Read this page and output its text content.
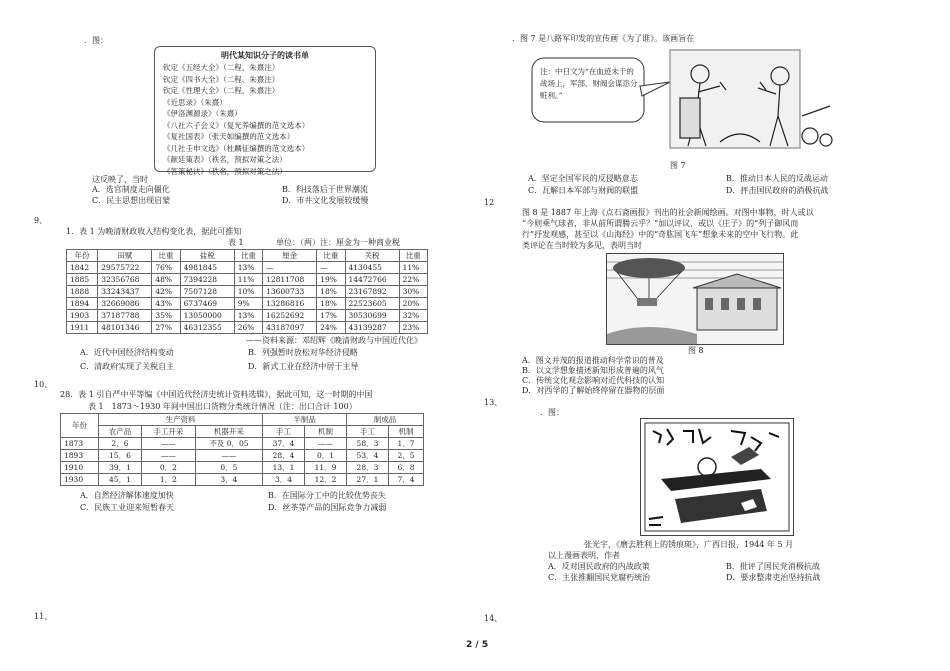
．图：
明代某知识分子的读书单
钦定《五经大全》（二程、朱熹注）
钦定《四书大全》（二程、朱熹注）
钦定《性理大全》（二程、朱熹注）
《近思录》（朱熹）
《伊洛渊源录》（朱熹）
《八社六子会义》（复光养编撰的范文选本）
《复社国表》（张天如编撰的范文选本）
《几社壬申文选》（杜麟征编撰的范文选本）
《献廷策表》（秩名，预拟对策之法）
《答策秘诀》（秩名，预拟对策之法）
这反映了，当时
A．选官制度走向僵化	B．科技落后于世界潮流
C．民主思想出现启蒙	D．市井文化发展较缓慢
9、
1．表 1 为晚清财政收入结构变化表，据此可推知
表 1	单位：（两）注：厘金为一种商业税
年份	田赋	比重	盐税	比重	厘金	比重	关税	比重
1842	29575722	76%	4981845	13%	—	—	4130455	11%
1885	32356768	48%	7394228	11%	12811708	19%	14472766	22%
1888	33243437	42%	7507128	10%	13600733	18%	23167892	30%
1894	32669086	43%	6737469	9%	13286816	18%	22523605	20%
1903	37187788	35%	13050000	13%	16252692	17%	30530699	32%
1911	48101346	27%	46312355	26%	43187097	24%	43139287	23%
——资料来源：邓绍辉《晚清财政与中国近代化》
A．近代中国经济结构变动	B．列强暂时放松对华经济侵略
C．清政府实现了关税自主	D．新式工业在经济中居于主导
10、
28．表 1 引自严中平等编《中国近代经济史统计资料选辑》，据此可知，这一时期的中国
表 1　1873～1930 年间中国出口货物分类统计情况（注：出口合计 100）
年份	生产资料			半制品		制成品	
	农产品	手工开采	机器开采	手工	机制	手工	机制
1873	2．6	——	不及 0．05	37．4	——	58．3	1．7
1893	15．6	——	——	28．4	0．1	53．4	2．5
1910	39．1	0．2	0．5	13．1	11．9	28．3	6．8
1930	45．1	1．2	3．4	3．4	12．2	27．1	7．4
A．自然经济解体速度加快	B．在国际分工中的比较优势丧失
C．民族工业迎来短暂春天	D．丝茶等产品的国际竞争力减弱
11、
．图 7 是八路军印发的宣传画《为了谁》。该画旨在
注：中日文为“在血迹未干的战场上，军部、财阀会谋恣分赃利。”
图 7
A．坚定全国军民的反侵略意志	B．推动日本人民的反战运动
C．瓦解日本军部与财阀的联盟	D．抨击国民政府的消极抗战
12
图 8 是 1887 年上海《点石斋画报》刊出的社会新闻绘画。对图中事物，时人或以
“今则乘气球者，非从前所谓腾云乎？”加以评议，或以《庄子》的“列子御风而
行”抒发观感，甚至以《山海经》中的“奇肱国飞车”想象未来的空中飞行物。此
类评论在当时较为多见，表明当时
图 8
A．图文并茂的报道推动科学常识的普及
B．以文学想象描述新知形成普遍的风气
C．传统文化观念影响对近代科技的认知
D．对西学的了解始终停留在器物的层面
13、
．图：
张光宇，《磨去胜利上的锈痕斑》，广西日报，1944 年 5 月
以上漫画表明，作者
A．反对国民政府的内战政策	B．批评了国民党消极抗战
C．主张推翻国民党腐朽统治	D．要求整肃吏治坚持抗战
14、
2 / 5
